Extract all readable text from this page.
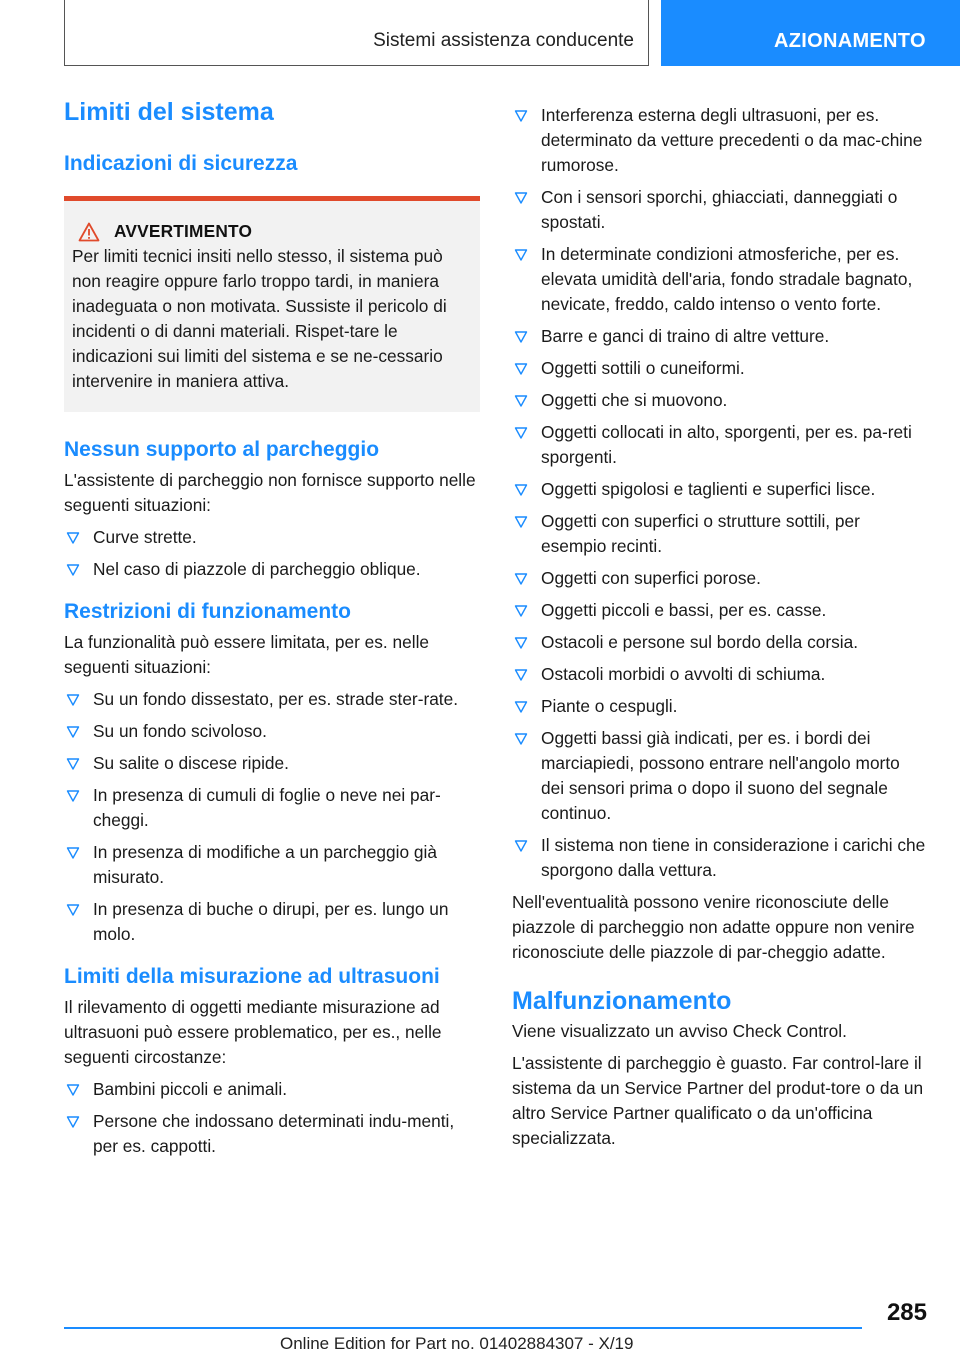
Sistemi assistenza conducente	AZIONAMENTO
Limiti del sistema
Indicazioni di sicurezza
AVVERTIMENTO

Per limiti tecnici insiti nello stesso, il sistema può non reagire oppure farlo troppo tardi, in maniera inadeguata o non motivata. Sussiste il pericolo di incidenti o di danni materiali. Rispet-tare le indicazioni sui limiti del sistema e se ne-cessario intervenire in maniera attiva.

Nessun supporto al parcheggio

L'assistente di parcheggio non fornisce supporto nelle seguenti situazioni:

Curve strette.
Nel caso di piazzole di parcheggio oblique.
Restrizioni di funzionamento

La funzionalità può essere limitata, per es. nelle seguenti situazioni:

Su un fondo dissestato, per es. strade ster-rate.
Su un fondo scivoloso.
Su salite o discese ripide.
In presenza di cumuli di foglie o neve nei par-cheggi.
In presenza di modifiche a un parcheggio già misurato.
In presenza di buche o dirupi, per es. lungo un molo.
Limiti della misurazione ad ultrasuoni

Il rilevamento di oggetti mediante misurazione ad ultrasuoni può essere problematico, per es., nelle seguenti circostanze:

Bambini piccoli e animali.
Persone che indossano determinati indu-menti, per es. cappotti.
Interferenza esterna degli ultrasuoni, per es. determinato da vetture precedenti o da mac-chine rumorose.
Con i sensori sporchi, ghiacciati, danneggiati o spostati.
In determinate condizioni atmosferiche, per es. elevata umidità dell'aria, fondo stradale bagnato, nevicate, freddo, caldo intenso o vento forte.
Barre e ganci di traino di altre vetture.
Oggetti sottili o cuneiformi.
Oggetti che si muovono.
Oggetti collocati in alto, sporgenti, per es. pa-reti sporgenti.
Oggetti spigolosi e taglienti e superfici lisce.
Oggetti con superfici o strutture sottili, per esempio recinti.
Oggetti con superfici porose.
Oggetti piccoli e bassi, per es. casse.
Ostacoli e persone sul bordo della corsia.
Ostacoli morbidi o avvolti di schiuma.
Piante o cespugli.
Oggetti bassi già indicati, per es. i bordi dei marciapiedi, possono entrare nell'angolo morto dei sensori prima o dopo il suono del segnale continuo.
Il sistema non tiene in considerazione i carichi che sporgono dalla vettura.

Nell'eventualità possono venire riconosciute delle piazzole di parcheggio non adatte oppure non venire riconosciute delle piazzole di par-cheggio adatte.

Malfunzionamento

Viene visualizzato un avviso Check Control.

L'assistente di parcheggio è guasto. Far control-lare il sistema da un Service Partner del produt-tore o da un altro Service Partner qualificato o da un'officina specializzata.

285
Online Edition for Part no. 01402884307 - X/19
